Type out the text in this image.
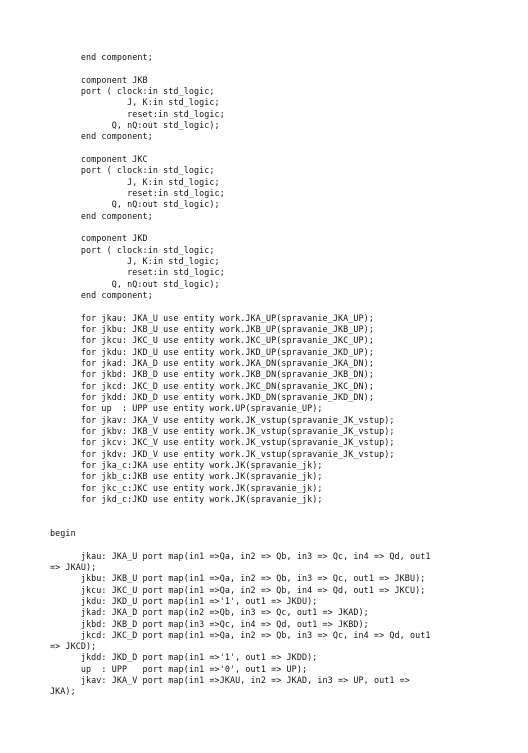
end component;
component JKB
port ( clock:in std_logic;
J, K:in std_logic;
reset:in std_logic;
Q, nQ:out std_logic);
end component;
component JKC
port ( clock:in std_logic;
J, K:in std_logic;
reset:in std_logic;
Q, nQ:out std_logic);
end component;
component JKD
port ( clock:in std_logic;
J, K:in std_logic;
reset:in std_logic;
Q, nQ:out std_logic);
end component;
for jkau: JKA_U use entity work.JKA_UP(spravanie_JKA_UP);
for jkbu: JKB_U use entity work.JKB_UP(spravanie_JKB_UP);
for jkcu: JKC_U use entity work.JKC_UP(spravanie_JKC_UP);
for jkdu: JKD_U use entity work.JKD_UP(spravanie_JKD_UP);
for jkad: JKA_D use entity work.JKA_DN(spravanie_JKA_DN);
for jkbd: JKB_D use entity work.JKB_DN(spravanie_JKB_DN);
for jkcd: JKC_D use entity work.JKC_DN(spravanie_JKC_DN);
for jkdd: JKD_D use entity work.JKD_DN(spravanie_JKD_DN);
for up  : UPP use entity work.UP(spravanie_UP);
for jkav: JKA_V use entity work.JK_vstup(spravanie_JK_vstup);
for jkbv: JKB_V use entity work.JK_vstup(spravanie_JK_vstup);
for jkcv: JKC_V use entity work.JK_vstup(spravanie_JK_vstup);
for jkdv: JKD_V use entity work.JK_vstup(spravanie_JK_vstup);
for jka_c:JKA use entity work.JK(spravanie_jk);
for jkb_c:JKB use entity work.JK(spravanie_jk);
for jkc_c:JKC use entity work.JK(spravanie_jk);
for jkd_c:JKD use entity work.JK(spravanie_jk);
begin
jkau: JKA_U port map(in1 =>Qa, in2 => Qb, in3 => Qc, in4 => Qd, out1
=> JKAU);
jkbu: JKB_U port map(in1 =>Qa, in2 => Qb, in3 => Qc, out1 => JKBU);
jkcu: JKC_U port map(in1 =>Qa, in2 => Qb, in4 => Qd, out1 => JKCU);
jkdu: JKD_U port map(in1 =>'1', out1 => JKDU);
jkad: JKA_D port map(in2 =>Qb, in3 => Qc, out1 => JKAD);
jkbd: JKB_D port map(in3 =>Qc, in4 => Qd, out1 => JKBD);
jkcd: JKC_D port map(in1 =>Qa, in2 => Qb, in3 => Qc, in4 => Qd, out1
=> JKCD);
jkdd: JKD_D port map(in1 =>'1', out1 => JKDD);
up  : UPP   port map(in1 =>'0', out1 => UP);
jkav: JKA_V port map(in1 =>JKAU, in2 => JKAD, in3 => UP, out1 =>
JKA);
